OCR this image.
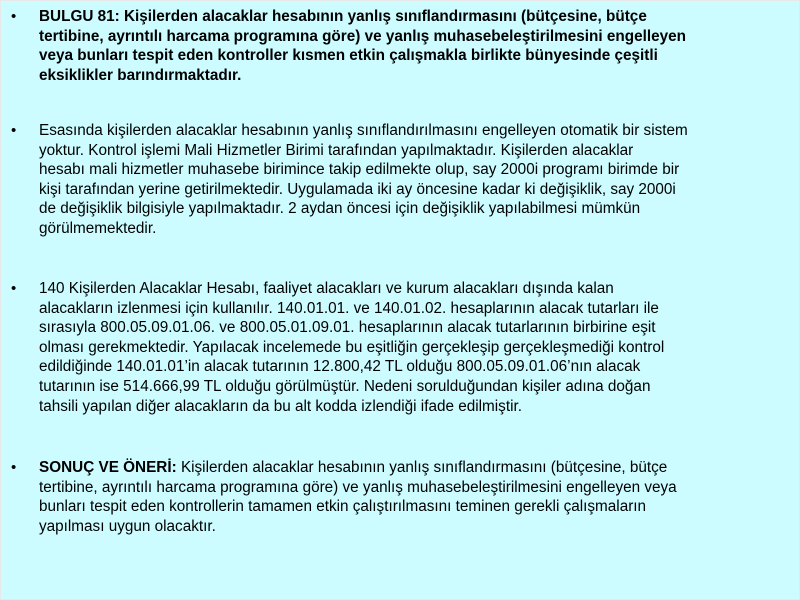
• BULGU 81: Kişilerden alacaklar hesabının yanlış sınıflandırmasını (bütçesine, bütçe
tertibine, ayrıntılı harcama programına göre) ve yanlış muhasebeleştirilmesini engelleyen
veya bunları tespit eden kontroller kısmen etkin çalışmakla birlikte bünyesinde çeşitli
eksiklikler barındırmaktadır.

• Esasında kişilerden alacaklar hesabının yanlış sınıflandırılmasını engelleyen otomatik bir sistem
yoktur. Kontrol işlemi Mali Hizmetler Birimi tarafından yapılmaktadır. Kişilerden alacaklar
hesabı mali hizmetler muhasebe birimince takip edilmekte olup, say 2000i programı birimde bir
kişi tarafından yerine getirilmektedir. Uygulamada iki ay öncesine kadar ki değişiklik, say 2000i
de değişiklik bilgisiyle yapılmaktadır. 2 aydan öncesi için değişiklik yapılabilmesi mümkün
görülmemektedir.

• 140 Kişilerden Alacaklar Hesabı, faaliyet alacakları ve kurum alacakları dışında kalan
alacakların izlenmesi için kullanılır. 140.01.01. ve 140.01.02. hesaplarının alacak tutarları ile
sırasıyla 800.05.09.01.06. ve 800.05.01.09.01. hesaplarının alacak tutarlarının birbirine eşit
olması gerekmektedir. Yapılacak incelemede bu eşitliğin gerçekleşip gerçekleşmediği kontrol
edildiğinde 140.01.01’in alacak tutarının 12.800,42 TL olduğu 800.05.09.01.06’nın alacak
tutarının ise 514.666,99 TL olduğu görülmüştür. Nedeni sorulduğundan kişiler adına doğan
tahsili yapılan diğer alacakların da bu alt kodda izlendiği ifade edilmiştir.

• SONUÇ VE ÖNERİ: Kişilerden alacaklar hesabının yanlış sınıflandırmasını (bütçesine, bütçe
tertibine, ayrıntılı harcama programına göre) ve yanlış muhasebeleştirilmesini engelleyen veya
bunları tespit eden kontrollerin tamamen etkin çalıştırılmasını teminen gerekli çalışmaların
yapılması uygun olacaktır.
